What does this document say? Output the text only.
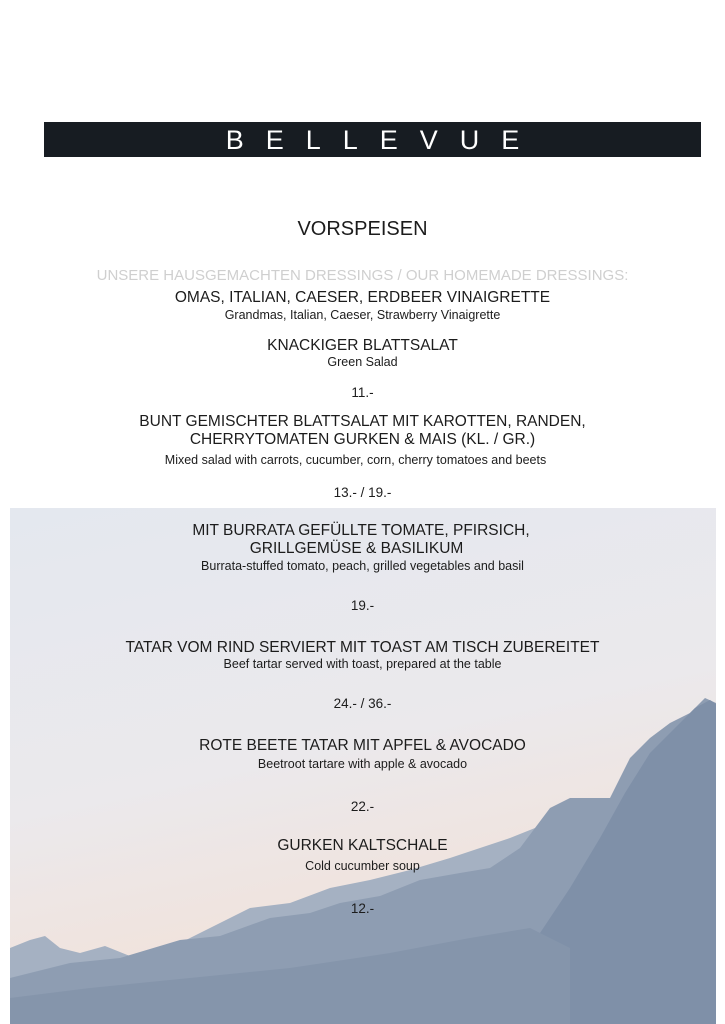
BELLEVUE
VORSPEISEN
UNSERE HAUSGEMACHTEN DRESSINGS / OUR HOMEMADE DRESSINGS:
OMAS, ITALIAN, CAESER, ERDBEER VINAIGRETTE
Grandmas, Italian, Caeser, Strawberry Vinaigrette
KNACKIGER BLATTSALAT
Green Salad
11.-
BUNT GEMISCHTER BLATTSALAT MIT KAROTTEN, RANDEN,
CHERRYTOMATEN GURKEN & MAIS (KL. / GR.)
Mixed salad with carrots, cucumber, corn, cherry tomatoes and beets
13.- / 19.-
MIT BURRATA GEFÜLLTE TOMATE, PFIRSICH,
GRILLGEMÜSE & BASILIKUM
Burrata-stuffed tomato, peach, grilled vegetables and basil
19.-
TATAR VOM RIND SERVIERT MIT TOAST AM TISCH ZUBEREITET
Beef tartar served with toast, prepared at the table
24.- / 36.-
ROTE BEETE TATAR MIT APFEL & AVOCADO
Beetroot tartare with apple & avocado
22.-
GURKEN KALTSCHALE
Cold cucumber soup
12.-
